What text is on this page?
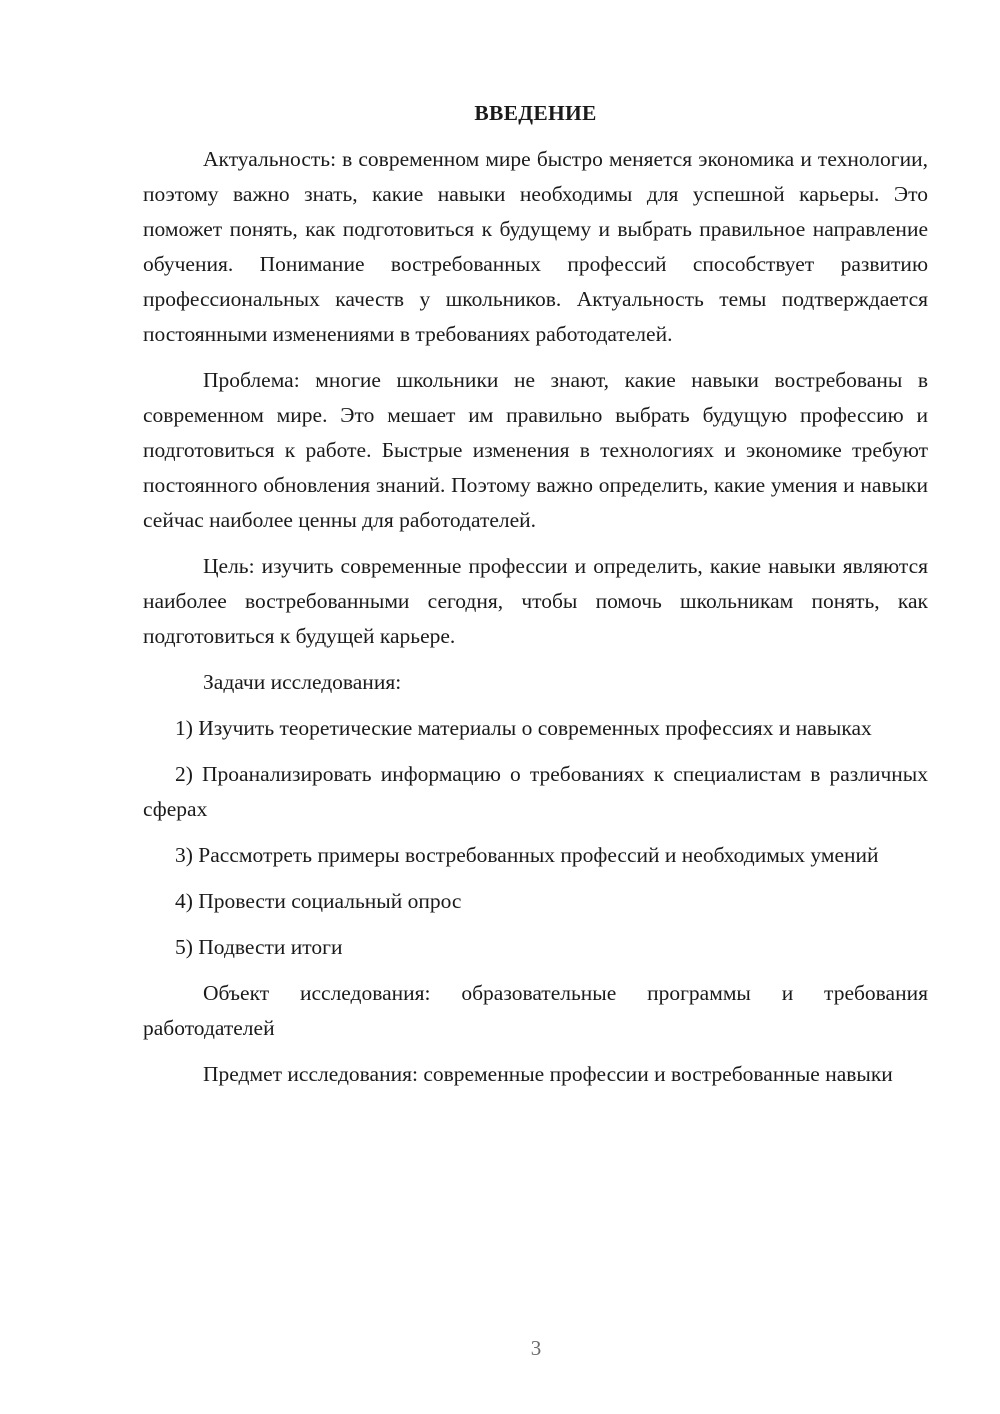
ВВЕДЕНИЕ

Актуальность: в современном мире быстро меняется экономика и технологии, поэтому важно знать, какие навыки необходимы для успешной карьеры. Это поможет понять, как подготовиться к будущему и выбрать правильное направление обучения. Понимание востребованных профессий способствует развитию профессиональных качеств у школьников. Актуальность темы подтверждается постоянными изменениями в требованиях работодателей.

Проблема: многие школьники не знают, какие навыки востребованы в современном мире. Это мешает им правильно выбрать будущую профессию и подготовиться к работе. Быстрые изменения в технологиях и экономике требуют постоянного обновления знаний. Поэтому важно определить, какие умения и навыки сейчас наиболее ценны для работодателей.

Цель: изучить современные профессии и определить, какие навыки являются наиболее востребованными сегодня, чтобы помочь школьникам понять, как подготовиться к будущей карьере.

Задачи исследования:

1) Изучить теоретические материалы о современных профессиях и навыках

2) Проанализировать информацию о требованиях к специалистам в различных сферах

3) Рассмотреть примеры востребованных профессий и необходимых умений

4) Провести социальный опрос

5) Подвести итоги

Объект исследования: образовательные программы и требования работодателей

Предмет исследования: современные профессии и востребованные навыки

3
